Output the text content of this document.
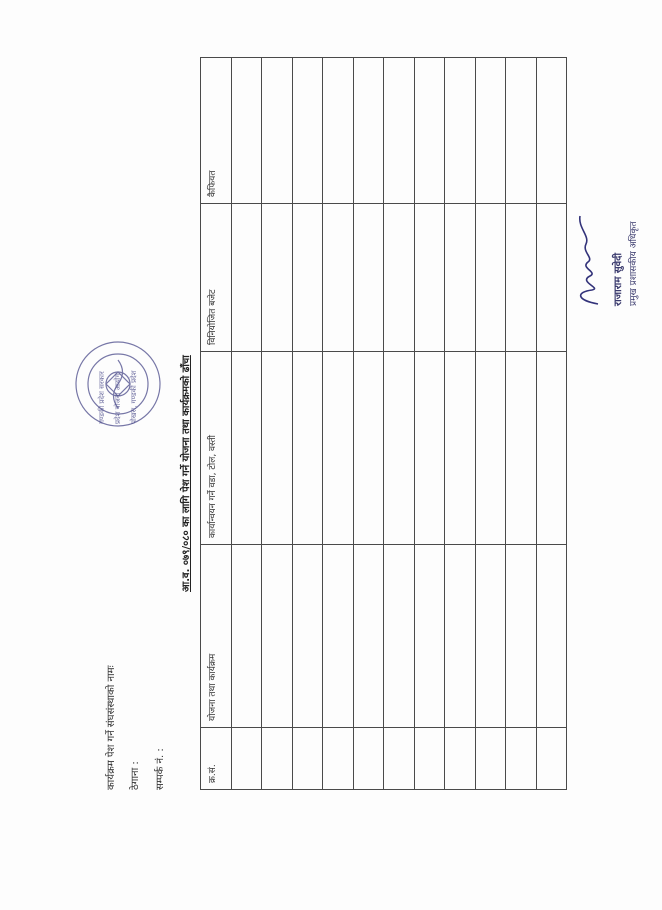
कार्यक्रम पेश गर्ने संघसंस्थाको नामः	ठेगाना :	सम्पर्क नं. :
गण्डकी प्रदेश सरकार प्रदेश योजना आयोग पोखरा, गण्डकी प्रदेश	आ.व. ०७९/०८० का लागि पेश गर्ने योजना तथा कार्यक्रमको ढाँचा
क्र.सं.	योजना तथा कार्यक्रम	कार्यान्वयन गर्ने वडा, टोल, वस्ती	विनियोजित बजेट	कैफियत

राजाराम सुवेदी प्रमुख प्रशासकीय अधिकृत
